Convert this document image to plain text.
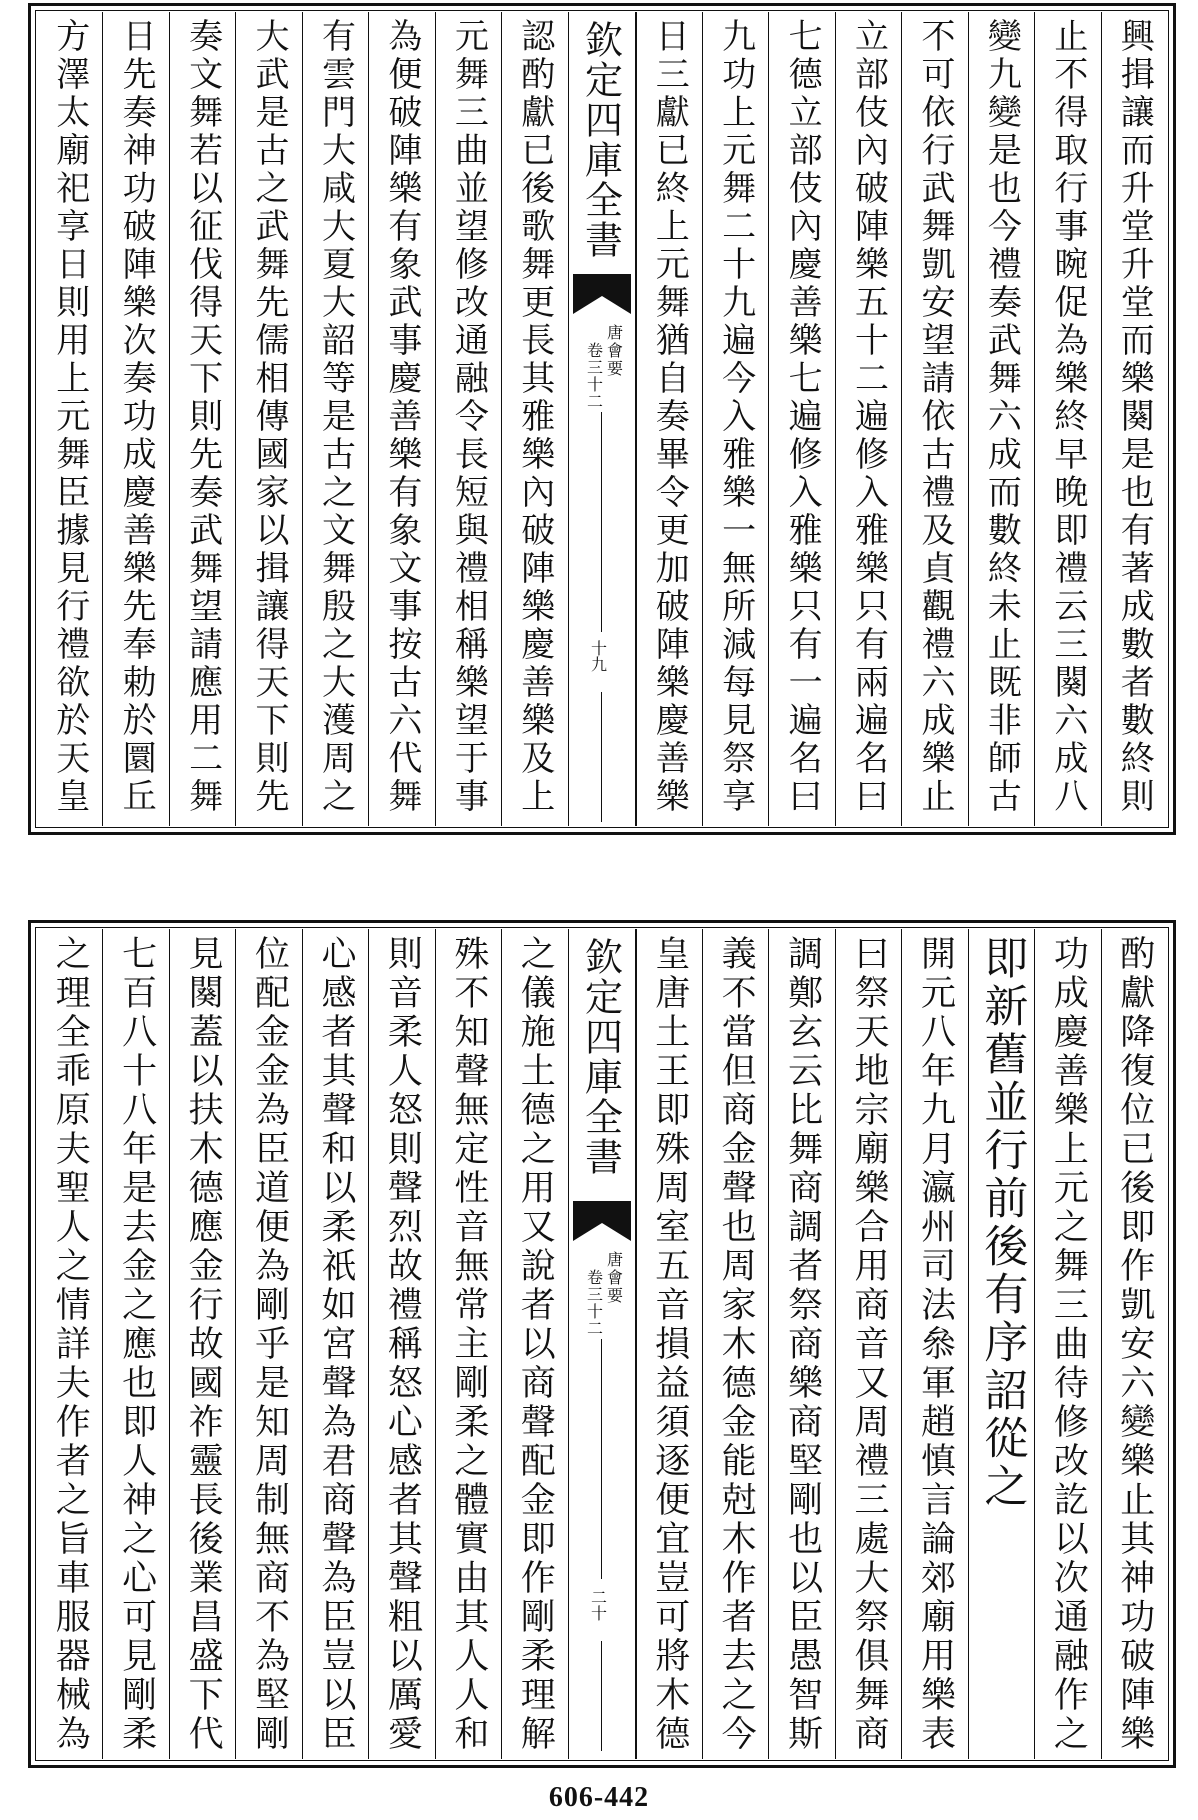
興揖讓而升堂升堂而樂闋是也有著成數者數終則
止不得取行事晼促為樂終早晚即禮云三闋六成八
變九變是也今禮奏武舞六成而數終未止既非師古
不可依行武舞凱安望請依古禮及貞觀禮六成樂止
立部伎內破陣樂五十二遍修入雅樂只有兩遍名曰
七德立部伎內慶善樂七遍修入雅樂只有一遍名曰
九功上元舞二十九遍今入雅樂一無所減每見祭享
日三獻已終上元舞猶自奏畢令更加破陣樂慶善樂
欽定四庫全書
唐會要
卷三十二
十九
認酌獻已後歌舞更長其雅樂內破陣樂慶善樂及上
元舞三曲並望修改通融令長短與禮相稱樂望于事
為便破陣樂有象武事慶善樂有象文事按古六代舞
有雲門大咸大夏大韶等是古之文舞殷之大濩周之
大武是古之武舞先儒相傳國家以揖讓得天下則先
奏文舞若以征伐得天下則先奏武舞望請應用二舞
日先奏神功破陣樂次奏功成慶善樂先奉勅於圜丘
方澤太廟祀享日則用上元舞臣據見行禮欲於天皇
酌獻降復位已後即作凱安六變樂止其神功破陣樂
功成慶善樂上元之舞三曲待修改訖以次通融作之
即新舊並行前後有序詔從之
開元八年九月瀛州司法叅軍趙慎言論郊廟用樂表
曰祭天地宗廟樂合用商音又周禮三處大祭俱舞商
調鄭玄云比舞商調者祭商樂商堅剛也以臣愚智斯
義不當但商金聲也周家木德金能尅木作者去之今
皇唐土王即殊周室五音損益須逐便宜豈可將木德
欽定四庫全書
唐會要
卷三十二
二十
之儀施土德之用又說者以商聲配金即作剛柔理解
殊不知聲無定性音無常主剛柔之體實由其人人和
則音柔人怒則聲烈故禮稱怒心感者其聲粗以厲愛
心感者其聲和以柔祇如宮聲為君商聲為臣豈以臣
位配金金為臣道便為剛乎是知周制無商不為堅剛
見闋蓋以扶木德應金行故國祚靈長後業昌盛下代
七百八十八年是去金之應也即人神之心可見剛柔
之理全乖原夫聖人之情詳夫作者之旨車服器械為
606-442
